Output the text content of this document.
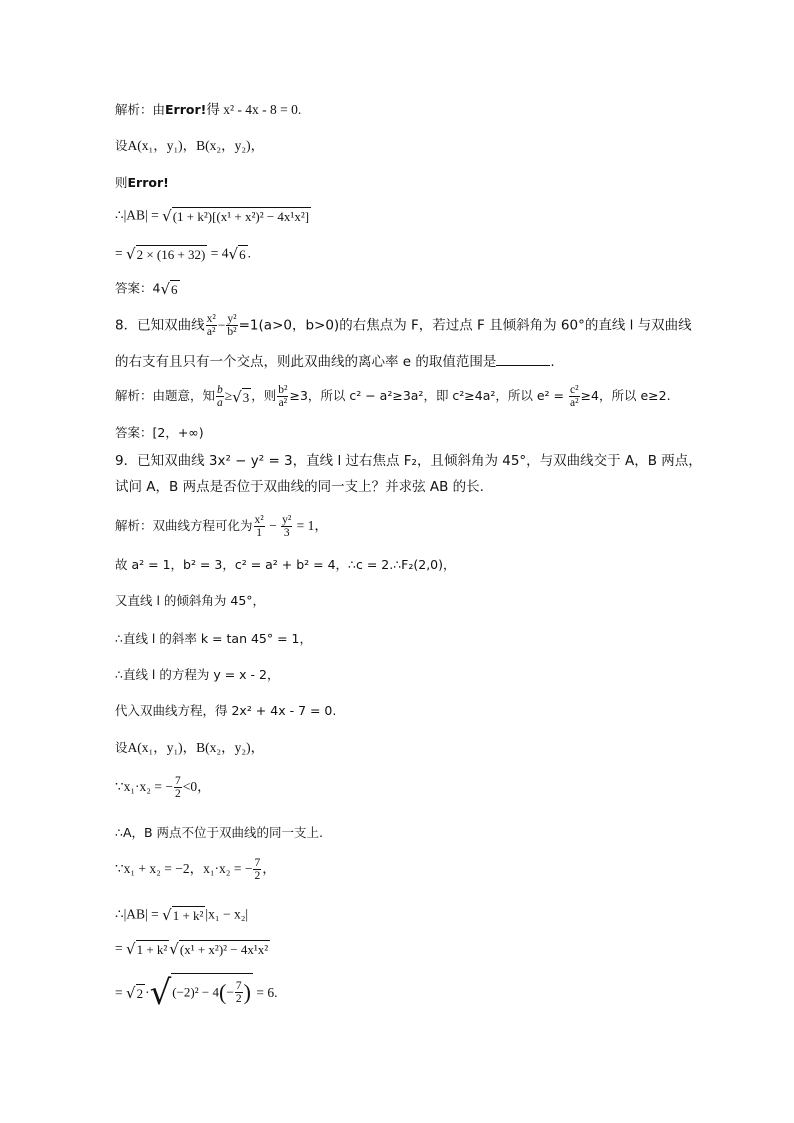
解析：由Error!得 x² - 4x - 8 = 0.
设A(x₁，y₁)，B(x₂，y₂)，
则Error!
∴|AB| = √ (1 + k²)[(x¹ + x²)² − 4x¹x²]
= √ 2 × (16 + 32) = 4 √ 6 .
答案：4 √ 6
8．已知双曲线 $\frac{\text{x²}}{\text{a²}} - \frac{\text{y²}}{\text{b²}} =1(a>0$，b>0)的右焦点为 F，若过点 F 且倾斜角为 60°的直线 l 与双曲线
的右支有且只有一个交点，则此双曲线的离心率 e 的取值范围是	.
解析：由题意，知 $\frac{b}{a}$ ≥ √ 3 ，则 $\frac{\text{b²}}{\text{a²}} \ge 3$，所以 c² − a²≥3a²，即 c²≥4a²，所以 $e^2 = \frac{\text{c²}}{\text{a²}} \ge 4$，所以 e≥2.
答案：[2，+∞)
9．已知双曲线 3x² − y² = 3，直线 l 过右焦点 F₂，且倾斜角为 45°，与双曲线交于 A，B 两点，
试问 A，B 两点是否位于双曲线的同一支上？并求弦 AB 的长.
解析：双曲线方程可化为 $\frac{\text{x²}}{1} - \frac{\text{y²}}{3} = 1$，
故 a² = 1，b² = 3，c² = a² + b² = 4，∴c = 2.∴F₂(2,0)，
又直线 l 的倾斜角为 45°，
∴直线 l 的斜率 k = tan 45° = 1，
∴直线 l 的方程为 y = x - 2，
代入双曲线方程，得 2x² + 4x - 7 = 0.
设A(x₁，y₁)，B(x₂，y₂)，
∵x₁·x₂ = − $\frac{7}{2} <0$，
∴A，B 两点不位于双曲线的同一支上.
∵x₁ + x₂ = −2，x₁·x₂ = − $\frac{7}{2}$ ，
∴|AB| = √ 1 + k² |x₁ − x₂|
= √ 1 + k² √ (x¹ + x²)² − 4x¹x²
= √ 2 · √ $(-2)^2 - 4(- \frac{7}{2}$ ) = 6.
